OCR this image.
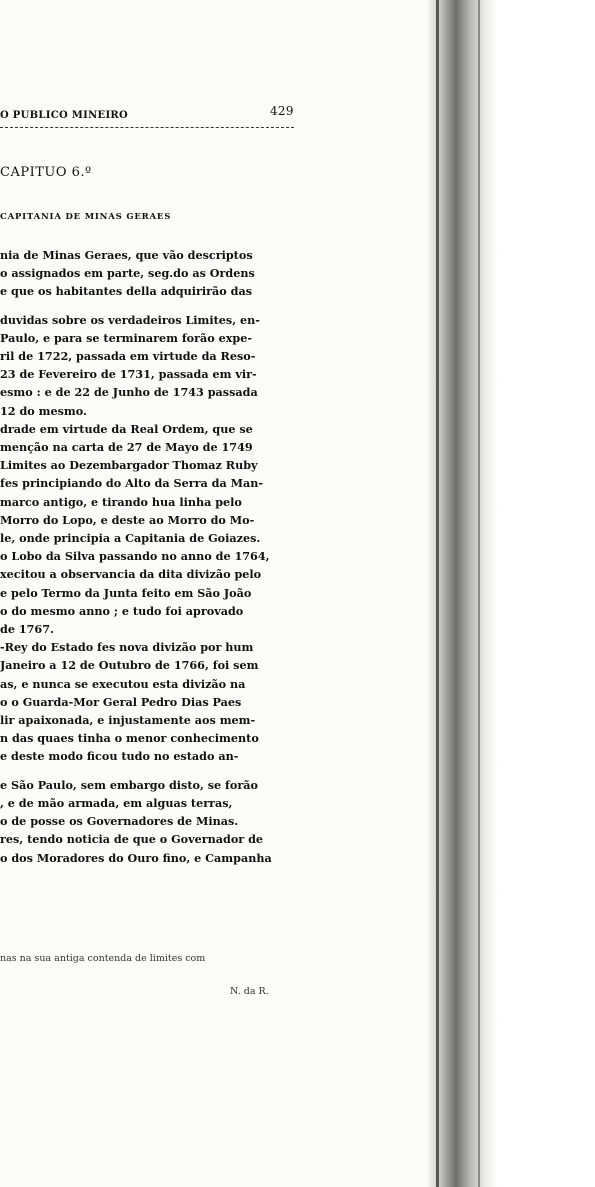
O PUBLICO MINEIRO	429
CAPITUO 6.º
CAPITANIA DE MINAS GERAES
nia de Minas Geraes, que vão descriptos
o assignados em parte, seg.do as Ordens
e que os habitantes della adquirirão das
duvidas sobre os verdadeiros Limites, en-
Paulo, e para se terminarem forão expe-
ril de 1722, passada em virtude da Reso-
23 de Fevereiro de 1731, passada em vir-
esmo : e de 22 de Junho de 1743 passada
12 do mesmo.
drade em virtude da Real Ordem, que se
menção na carta de 27 de Mayo de 1749
Limites ao Dezembargador Thomaz Ruby
fes principiando do Alto da Serra da Man-
marco antigo, e tirando hua linha pelo
Morro do Lopo, e deste ao Morro do Mo-
le, onde principia a Capitania de Goiazes.
o Lobo da Silva passando no anno de 1764,
xecitou a observancia da dita divizão pelo
e pelo Termo da Junta feito em São João
o do mesmo anno ; e tudo foi aprovado
de 1767.
-Rey do Estado fes nova divizão por hum
Janeiro a 12 de Outubro de 1766, foi sem
as, e nunca se executou esta divizão na
o o Guarda-Mor Geral Pedro Dias Paes
lir apaixonada, e injustamente aos mem-
n das quaes tinha o menor conhecimento
e deste modo ficou tudo no estado an-
e São Paulo, sem embargo disto, se forão
, e de mão armada, em alguas terras,
o de posse os Governadores de Minas.
res, tendo noticia de que o Governador de
o dos Moradores do Ouro fino, e Campanha
nas na sua antiga contenda de limites com
N. da R.
